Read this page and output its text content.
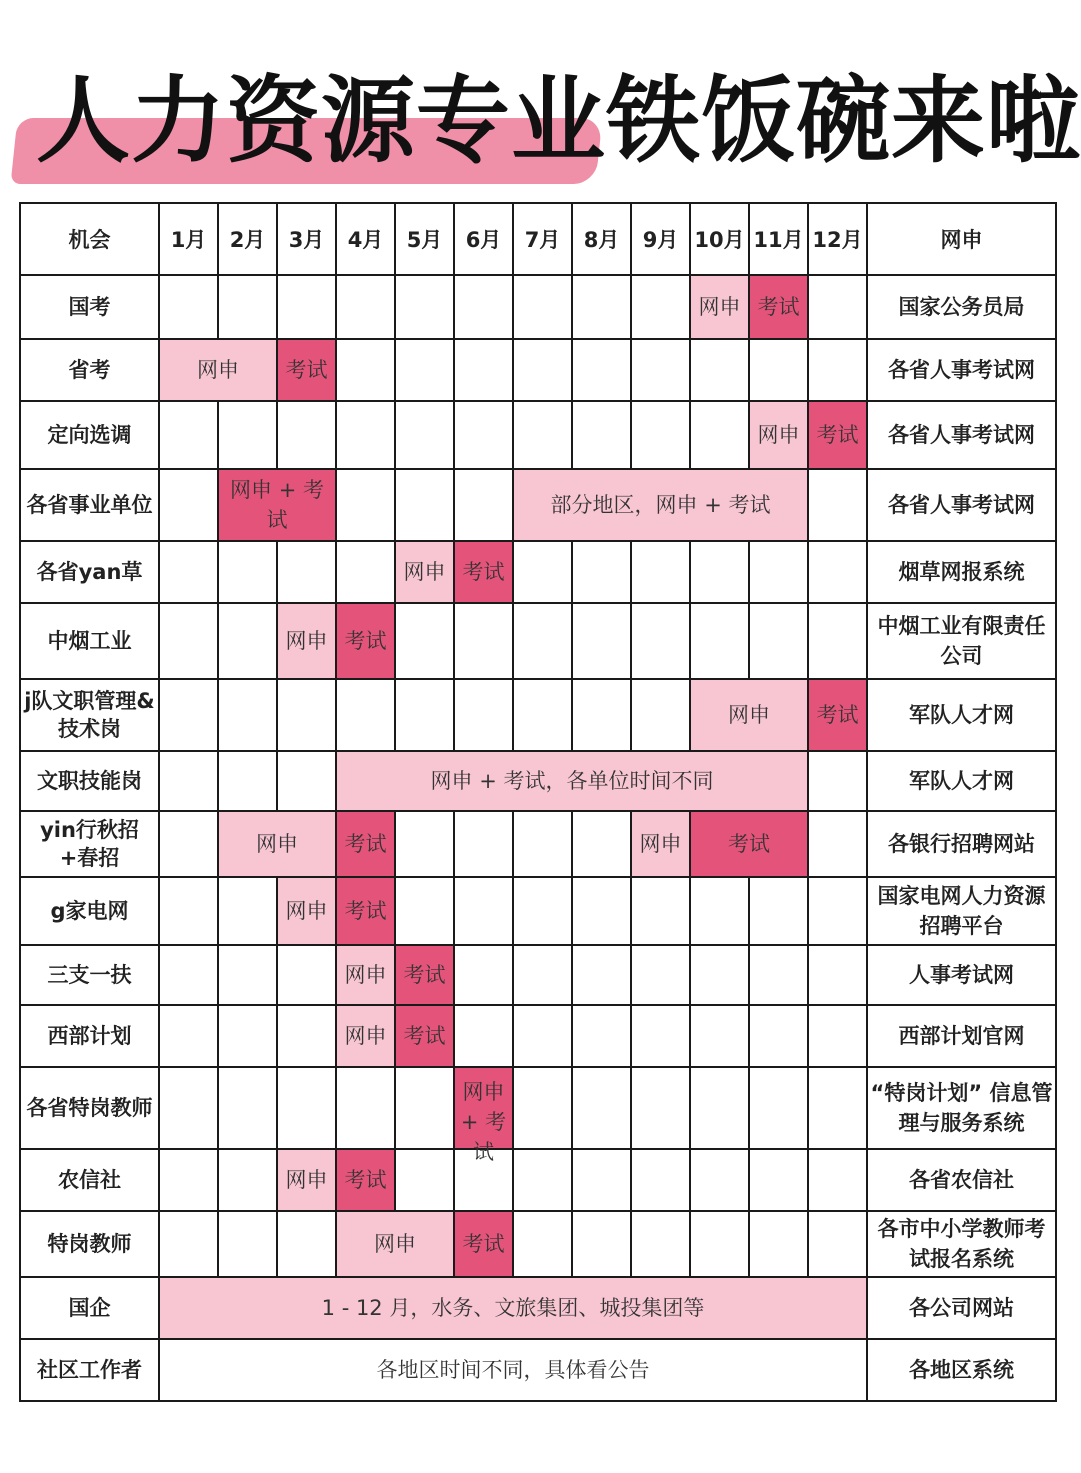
人力资源专业铁饭碗来啦
机会	1月	2月	3月	4月	5月	6月	7月	8月	9月	10月	11月	12月	网申
国考										网申	考试		国家公务员局
省考	网申		考试										各省人事考试网
定向选调											网申	考试	各省人事考试网
各省事业单位		网申 + 考试					部分地区，网申 + 考试						各省人事考试网
各省yan草					网申	考试							烟草网报系统
中烟工业			网申	考试									中烟工业有限责任公司
j队文职管理& 技术岗										网申		考试	军队人才网
文职技能岗				网申 + 考试，各单位时间不同									军队人才网
yin行秋招+春招		网申		考试					网申	考试			各银行招聘网站
g家电网			网申	考试									国家电网人力资源招聘平台
三支一扶				网申	考试								人事考试网
西部计划				网申	考试								西部计划官网
各省特岗教师						网申 + 考试							“特岗计划” 信息管理与服务系统
农信社			网申	考试									各省农信社
特岗教师				网申		考试							各市中小学教师考试报名系统
国企	1 - 12 月，水务、文旅集团、城投集团等												各公司网站
社区工作者	各地区时间不同，具体看公告												各地区系统
